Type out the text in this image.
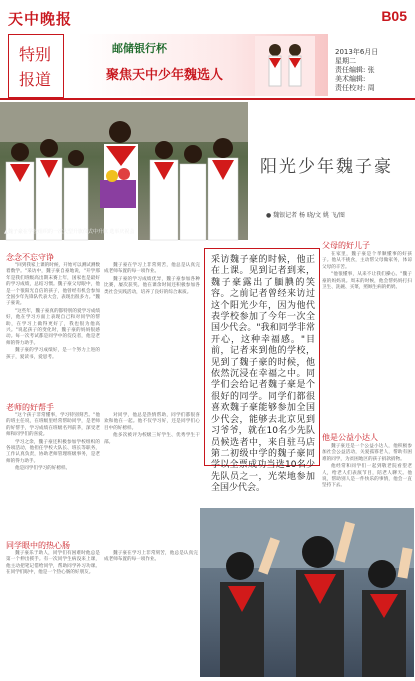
天中晚报	B05
特别
报道
邮储银行杯
聚焦天中少年魏选人
2013年6月日
星期二
责任编辑: 张
美术编辑:
责任校对: 周
▲魏子豪在学校组织的一次大型升旗仪式中升旗 选举庆祝会
阳光少年魏子豪
● 魏银记者 杨 晓/文 姚 飞/图
念念不忘守诤

"回到我家上课的时候，开始可以测试测数着数学。"采访中，魏子豪自豪地说，"开学那年是我们班级高出期末赛上年，国家也是最好的学习成绩，总结习惯。魏子豪父母眼中，他是一个很阳光自信的孩子，他曾经有机会参加全国少年先锋队代表大会，表现出很多力。"魏子豪说。

"这些年，魏子豪真的都特别的爱学习成绩好，他在学习方面上表现自己和对同学的帮助，在学习上做得更好了，我也很为他高兴。"说起孩子的变化时，魏子豪的妈妈很感动。每一次考试都是同学中的佼佼者，他是老师的得力助手。

魏子豪的学习成绩好，是一个努力上进的孩子，爱读书，爱思考。

魏子豪在学习上非常刻苦，他总是认真完成老师布置的每一项作业。

魏子豪的学习成绩优异，魏子豪参加各种比赛，屡次获奖。他在课余时间还积极参加各类社会实践活动，培养了良好的综合素质。

老师的好帮手

"这个孩子非常懂事，学习特别刻苦。"他的班主任说，在班级里经常帮助同学，是老师的好帮手，学习成绩在班级名列前茅，深受老师和同学们的喜爱。

学习之余，魏子豪还积极参加学校组织的各项活动，他担任学校大队长、班长等职务，工作认真负责，协助老师管理班级事务，是老师的得力助手。

他是同学们学习的好榜样。

对同学，他总是热情帮助，同学们都很喜欢和他在一起。他不仅学习好，还是同学们心目中的好榜样。

他多次被评为校级三好学生、优秀学生干部。

同学眼中的热心肠

魏子豪乐于助人，同学们有困难时他总是第一个伸出援手。有一次同学生病没来上课，他主动把笔记借给同学，帮助同学补习功课。在同学们眼中，他是一个热心肠的好朋友。

魏子豪在学习上非常刻苦，他总是认真完成老师布置的每一项作业。

采访魏子豪的时候，他正在上课。见到记者到来，魏子豪露出了腼腆的笑容。之前记者曾经来访过这个阳光少年，因为他代表学校参加了今年一次全国少代会。"我和同学非常开心，这种幸福感。"目前，记者来到他的学校，见到了魏子豪的时候，他依然沉浸在幸福之中。同学们会给记者魏子豪是个很好的同学。同学们都很喜欢魏子豪能够参加全国少代会，能够去北京见到习爷爷，就在10名少先队员候选者中，来自驻马店第二初级中学的魏子豪同学以全票成功当选10名少先队员之一，光荣地参加全国少代会。
父母的好儿子

在家里，魏子豪是个孝顺懂事的好孩子。他从不挑食，主动帮父母做家务，体谅父母的辛苦。

"他很懂事，从来不让我们操心。"魏子豪的妈妈说。周末的时候，他会帮妈妈打扫卫生、洗碗、买菜，照顾生病的奶奶。

他是公益小达人

魏子豪还是一个公益小达人，他积极参加社会公益活动，关爱孤寡老人，帮助有困难的同学，为贫困地区的孩子捐款捐物。

他经常和同学们一起到敬老院看望老人，给老人们表演节目，陪老人聊天。他说，帮助别人是一件快乐的事情，他会一直坚持下去。
